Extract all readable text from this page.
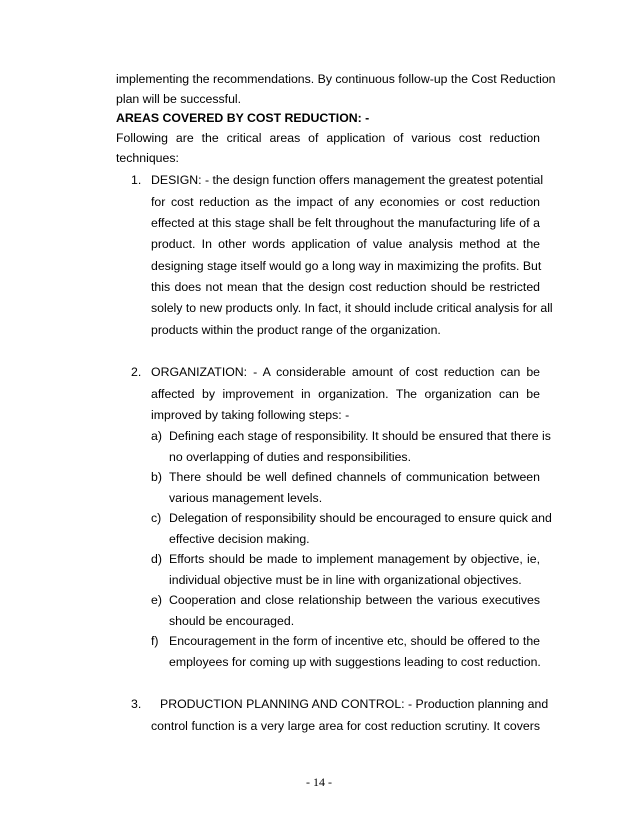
implementing the recommendations. By continuous follow-up the Cost Reduction
plan will be successful.
AREAS COVERED BY COST REDUCTION: -
Following are the critical areas of application of various cost reduction
techniques:
1. DESIGN: - the design function offers management the greatest potential
for cost reduction as the impact of any economies or cost reduction
effected at this stage shall be felt throughout the manufacturing life of a
product. In other words application of value analysis method at the
designing stage itself would go a long way in maximizing the profits. But
this does not mean that the design cost reduction should be restricted
solely to new products only. In fact, it should include critical analysis for all
products within the product range of the organization.
2. ORGANIZATION: - A considerable amount of cost reduction can be
affected by improvement in organization. The organization can be
improved by taking following steps: -
a) Defining each stage of responsibility. It should be ensured that there is
no overlapping of duties and responsibilities.
b) There should be well defined channels of communication between
various management levels.
c) Delegation of responsibility should be encouraged to ensure quick and
effective decision making.
d) Efforts should be made to implement management by objective, ie,
individual objective must be in line with organizational objectives.
e) Cooperation and close relationship between the various executives
should be encouraged.
f) Encouragement in the form of incentive etc, should be offered to the
employees for coming up with suggestions leading to cost reduction.
3. PRODUCTION PLANNING AND CONTROL: - Production planning and
control function is a very large area for cost reduction scrutiny. It covers
- 14 -
